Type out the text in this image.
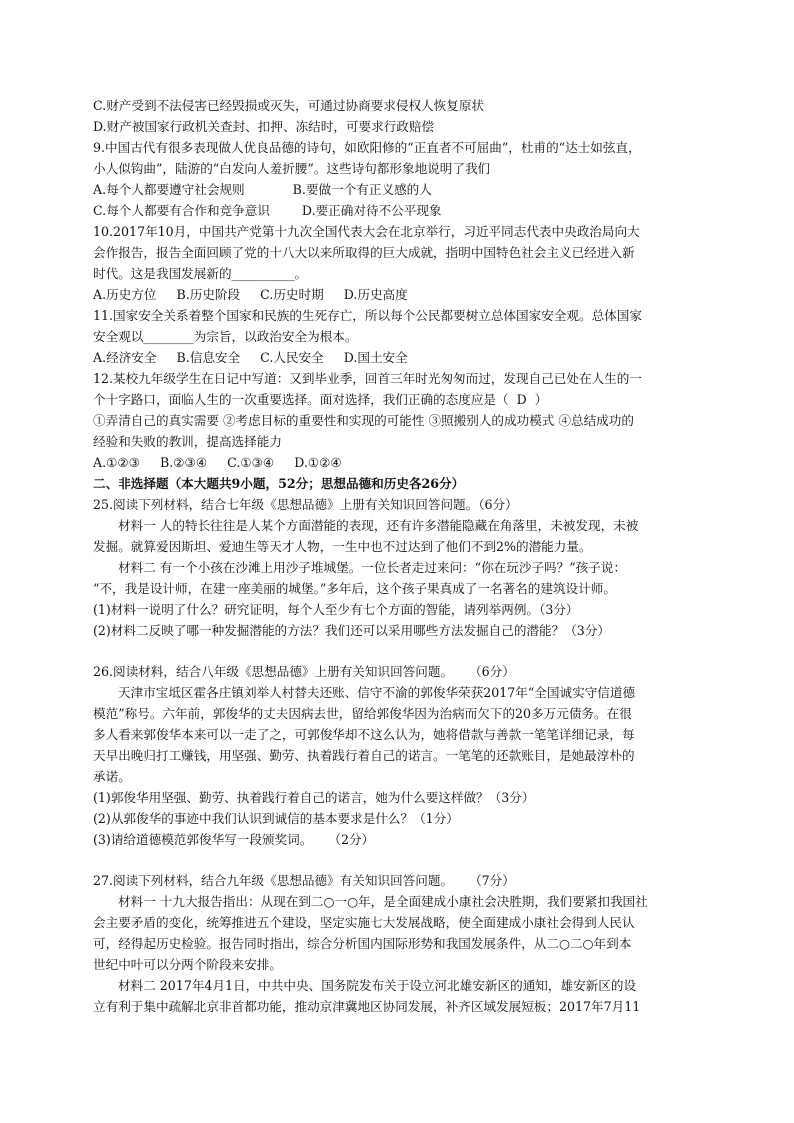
C.财产受到不法侵害已经毁损或灭失，可通过协商要求侵权人恢复原状
D.财产被国家行政机关查封、扣押、冻结时，可要求行政赔偿
9.中国古代有很多表现做人优良品德的诗句，如欧阳修的“正直者不可屈曲”，杜甫的“达士如弦直，
小人似钩曲”，陆游的“白发向人羞折腰”。这些诗句都形象地说明了我们
A.每个人都要遵守社会规则            B.要做一个有正义感的人
C.每个人都要有合作和竞争意识        D.要正确对待不公平现象
10.2017年10月，中国共产党第十九次全国代表大会在北京举行，习近平同志代表中央政治局向大
会作报告，报告全面回顾了党的十八大以来所取得的巨大成就，指明中国特色社会主义已经进入新
时代。这是我国发展新的__________。
A.历史方位     B.历史阶段     C.历史时期     D.历史高度
11.国家安全关系着整个国家和民族的生死存亡，所以每个公民都要树立总体国家安全观。总体国家
安全观以________为宗旨，以政治安全为根本。
A.经济安全     B.信息安全     C.人民安全     D.国土安全
12.某校九年级学生在日记中写道：又到毕业季，回首三年时光匆匆而过，发现自己已处在人生的一
个十字路口，面临人生的一次重要选择。面对选择，我们正确的态度应是（  D  ）
①弄清自己的真实需要 ②考虑目标的重要性和实现的可能性 ③照搬别人的成功模式 ④总结成功的
经验和失败的教训，提高选择能力
A.①②③     B.②③④     C.①③④     D.①②④
二、非选择题（本大题共9小题，52分；思想品德和历史各26分）
25.阅读下列材料，结合七年级《思想品德》上册有关知识回答问题。（6分）
材料一 人的特长往往是人某个方面潜能的表现，还有许多潜能隐藏在角落里，未被发现，未被
发掘。就算爱因斯坦、爱迪生等天才人物，一生中也不过达到了他们不到2%的潜能力量。
材料二 有一个小孩在沙滩上用沙子堆城堡。一位长者走过来问：“你在玩沙子吗？”孩子说：
“不，我是设计师，在建一座美丽的城堡。”多年后，这个孩子果真成了一名著名的建筑设计师。
(1)材料一说明了什么？研究证明，每个人至少有七个方面的智能，请列举两例。（3分）
(2)材料二反映了哪一种发掘潜能的方法？我们还可以采用哪些方法发掘自己的潜能？（3分）
26.阅读材料，结合八年级《思想品德》上册有关知识回答问题。    （6分）
天津市宝坻区霍各庄镇刘举人村替夫还账、信守不渝的郭俊华荣获2017年“全国诚实守信道德
模范”称号。六年前，郭俊华的丈夫因病去世，留给郭俊华因为治病而欠下的20多万元债务。在很
多人看来郭俊华本来可以一走了之，可郭俊华却不这么认为，她将借款与善款一笔笔详细记录，每
天早出晚归打工赚钱，用坚强、勤劳、执着践行着自己的诺言。一笔笔的还款账目，是她最淳朴的
承诺。
(1)郭俊华用坚强、勤劳、执着践行着自己的诺言，她为什么要这样做？（3分）
(2)从郭俊华的事迹中我们认识到诚信的基本要求是什么？（1分）
(3)请给道德模范郭俊华写一段颁奖词。    （2分）
27.阅读下列材料，结合九年级《思想品德》有关知识回答问题。    （7分）
材料一 十九大报告指出：从现在到二○一○年，是全面建成小康社会决胜期，我们要紧扣我国社
会主要矛盾的变化，统筹推进五个建设，坚定实施七大发展战略，使全面建成小康社会得到人民认
可，经得起历史检验。报告同时指出，综合分析国内国际形势和我国发展条件，从二○二○年到本
世纪中叶可以分两个阶段来安排。
材料二 2017年4月1日，中共中央、国务院发布关于设立河北雄安新区的通知，雄安新区的设
立有利于集中疏解北京非首都功能，推动京津冀地区协同发展，补齐区域发展短板；2017年7月11
